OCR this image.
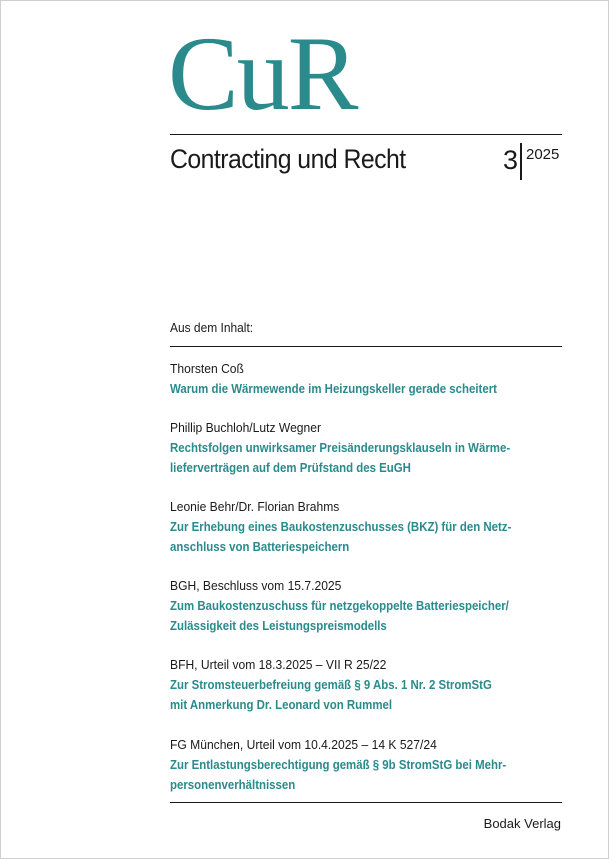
CuR
Contracting und Recht	3 2025
Aus dem Inhalt:
Thorsten Coß
Warum die Wärmewende im Heizungskeller gerade scheitert
Phillip Buchloh/Lutz Wegner
Rechtsfolgen unwirksamer Preisänderungsklauseln in Wärme-
lieferverträgen auf dem Prüfstand des EuGH
Leonie Behr/Dr. Florian Brahms
Zur Erhebung eines Baukostenzuschusses (BKZ) für den Netz-
anschluss von Batteriespeichern
BGH, Beschluss vom 15.7.2025
Zum Baukostenzuschuss für netzgekoppelte Batteriespeicher/
Zulässigkeit des Leistungspreismodells
BFH, Urteil vom 18.3.2025 – VII R 25/22
Zur Stromsteuerbefreiung gemäß § 9 Abs. 1 Nr. 2 StromStG
mit Anmerkung Dr. Leonard von Rummel
FG München, Urteil vom 10.4.2025 – 14 K 527/24
Zur Entlastungsberechtigung gemäß § 9b StromStG bei Mehr-
personenverhältnissen
Bodak Verlag
